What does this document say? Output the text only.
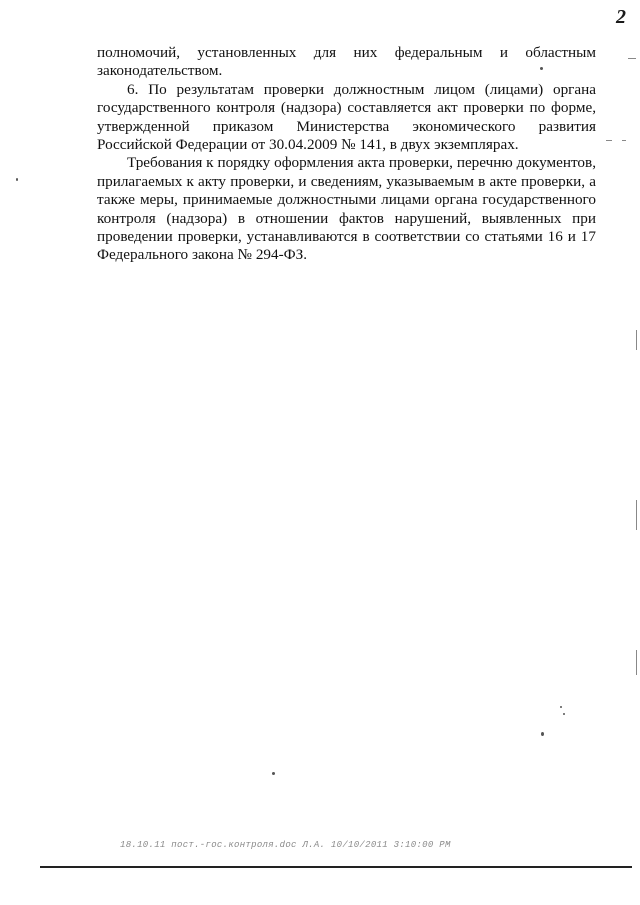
2

полномочий, установленных для них федеральным и областным законодательством.

6. По результатам проверки должностным лицом (лицами) органа государственного контроля (надзора) составляется акт проверки по форме, утвержденной приказом Министерства экономического развития Российской Федерации от 30.04.2009 № 141, в двух экземплярах.

Требования к порядку оформления акта проверки, перечню документов, прилагаемых к акту проверки, и сведениям, указываемым в акте проверки, а также меры, принимаемые должностными лицами органа государственного контроля (надзора) в отношении фактов нарушений, выявленных при проведении проверки, устанавливаются в соответствии со статьями 16 и 17 Федерального закона № 294-ФЗ.

18.10.11 пост.-гос.контроля.doc Л.А. 10/10/2011 3:10:00 PM
